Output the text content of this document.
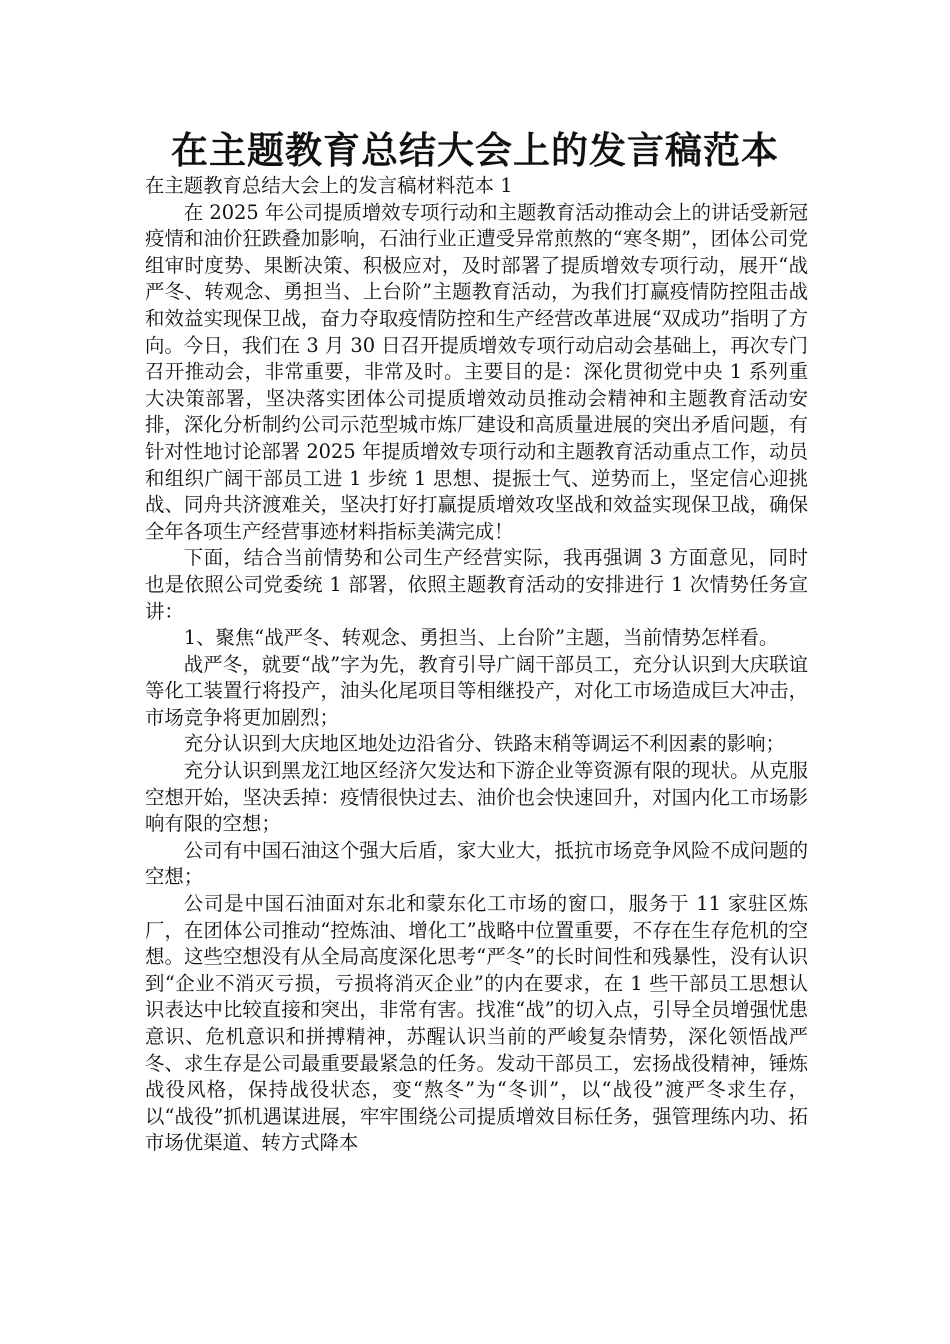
在主题教育总结大会上的发言稿范本

在主题教育总结大会上的发言稿材料范本 1

在 2025 年公司提质增效专项行动和主题教育活动推动会上的讲话受新冠疫情和油价狂跌叠加影响，石油行业正遭受异常煎熬的“寒冬期”，团体公司党组审时度势、果断决策、积极应对，及时部署了提质增效专项行动，展开“战严冬、转观念、勇担当、上台阶”主题教育活动，为我们打赢疫情防控阻击战和效益实现保卫战，奋力夺取疫情防控和生产经营改革进展“双成功”指明了方向。今日，我们在 3 月 30 日召开提质增效专项行动启动会基础上，再次专门召开推动会，非常重要，非常及时。主要目的是：深化贯彻党中央 1 系列重大决策部署，坚决落实团体公司提质增效动员推动会精神和主题教育活动安排，深化分析制约公司示范型城市炼厂建设和高质量进展的突出矛盾问题，有针对性地讨论部署 2025 年提质增效专项行动和主题教育活动重点工作，动员和组织广阔干部员工进 1 步统 1 思想、提振士气、逆势而上，坚定信心迎挑战、同舟共济渡难关，坚决打好打赢提质增效攻坚战和效益实现保卫战，确保全年各项生产经营事迹材料指标美满完成！

下面，结合当前情势和公司生产经营实际，我再强调 3 方面意见，同时也是依照公司党委统 1 部署，依照主题教育活动的安排进行 1 次情势任务宣讲：

1、聚焦“战严冬、转观念、勇担当、上台阶”主题，当前情势怎样看。

战严冬，就要“战”字为先，教育引导广阔干部员工，充分认识到大庆联谊等化工装置行将投产，油头化尾项目等相继投产，对化工市场造成巨大冲击，市场竞争将更加剧烈；

充分认识到大庆地区地处边沿省分、铁路末稍等调运不利因素的影响；

充分认识到黑龙江地区经济欠发达和下游企业等资源有限的现状。从克服空想开始，坚决丢掉：疫情很快过去、油价也会快速回升，对国内化工市场影响有限的空想；

公司有中国石油这个强大后盾，家大业大，抵抗市场竞争风险不成问题的空想；

公司是中国石油面对东北和蒙东化工市场的窗口，服务于 11 家驻区炼厂，在团体公司推动“控炼油、增化工”战略中位置重要，不存在生存危机的空想。这些空想没有从全局高度深化思考“严冬”的长时间性和残暴性，没有认识到“企业不消灭亏损，亏损将消灭企业”的内在要求，在 1 些干部员工思想认识表达中比较直接和突出，非常有害。找准“战”的切入点，引导全员增强忧患意识、危机意识和拼搏精神，苏醒认识当前的严峻复杂情势，深化领悟战严冬、求生存是公司最重要最紧急的任务。发动干部员工，宏扬战役精神，锤炼战役风格，保持战役状态，变“熬冬”为“冬训”，以“战役”渡严冬求生存，以“战役”抓机遇谋进展，牢牢围绕公司提质增效目标任务，强管理练内功、拓市场优渠道、转方式降本
